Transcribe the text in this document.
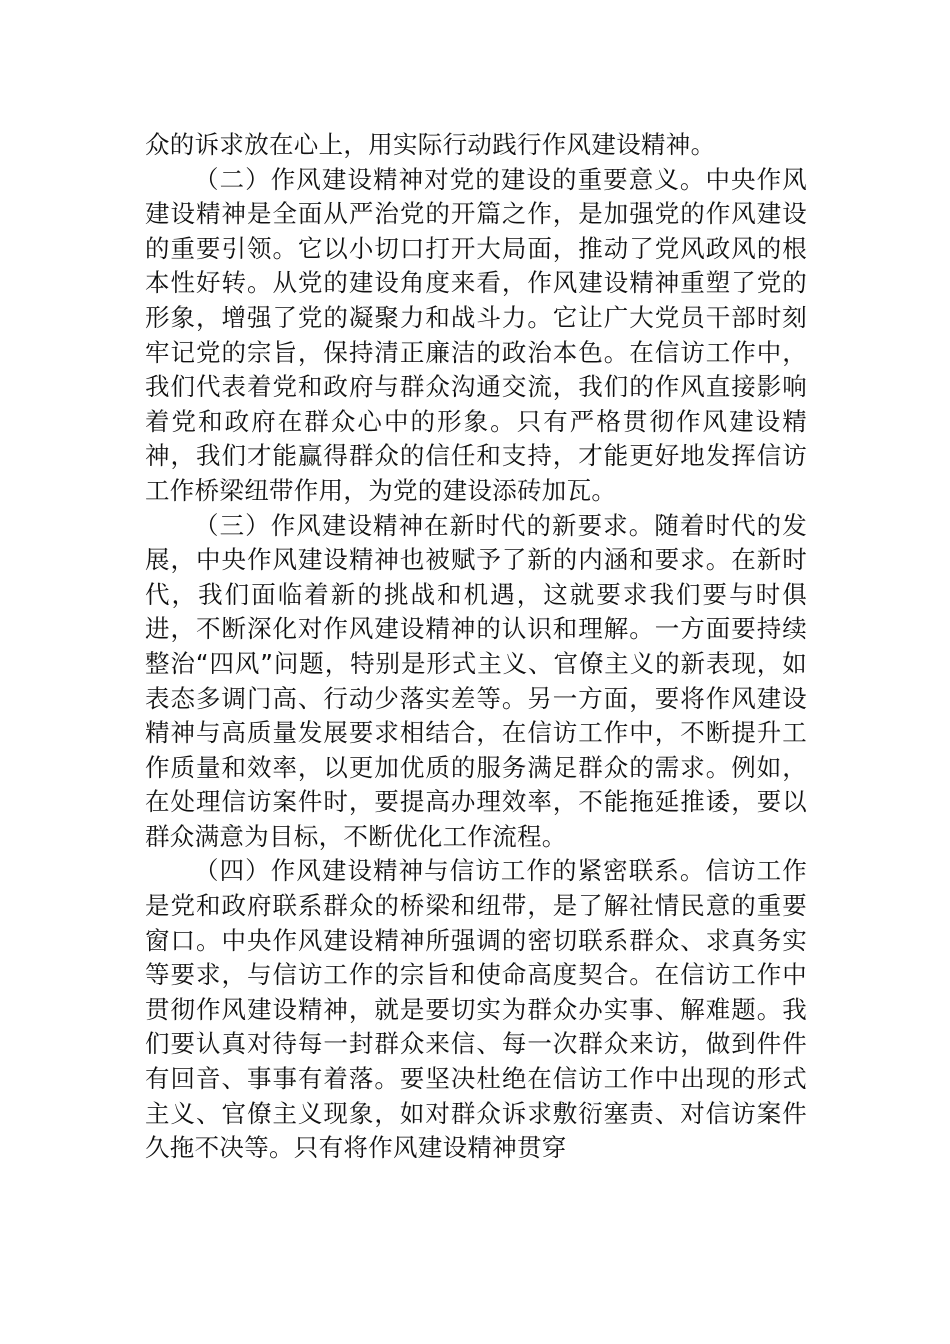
众的诉求放在心上，用实际行动践行作风建设精神。

（二）作风建设精神对党的建设的重要意义。中央作风建设精神是全面从严治党的开篇之作，是加强党的作风建设的重要引领。它以小切口打开大局面，推动了党风政风的根本性好转。从党的建设角度来看，作风建设精神重塑了党的形象，增强了党的凝聚力和战斗力。它让广大党员干部时刻牢记党的宗旨，保持清正廉洁的政治本色。在信访工作中，我们代表着党和政府与群众沟通交流，我们的作风直接影响着党和政府在群众心中的形象。只有严格贯彻作风建设精神，我们才能赢得群众的信任和支持，才能更好地发挥信访工作桥梁纽带作用，为党的建设添砖加瓦。

（三）作风建设精神在新时代的新要求。随着时代的发展，中央作风建设精神也被赋予了新的内涵和要求。在新时代，我们面临着新的挑战和机遇，这就要求我们要与时俱进，不断深化对作风建设精神的认识和理解。一方面要持续整治“四风”问题，特别是形式主义、官僚主义的新表现，如表态多调门高、行动少落实差等。另一方面，要将作风建设精神与高质量发展要求相结合，在信访工作中，不断提升工作质量和效率，以更加优质的服务满足群众的需求。例如，在处理信访案件时，要提高办理效率，不能拖延推诿，要以群众满意为目标，不断优化工作流程。

（四）作风建设精神与信访工作的紧密联系。信访工作是党和政府联系群众的桥梁和纽带，是了解社情民意的重要窗口。中央作风建设精神所强调的密切联系群众、求真务实等要求，与信访工作的宗旨和使命高度契合。在信访工作中贯彻作风建设精神，就是要切实为群众办实事、解难题。我们要认真对待每一封群众来信、每一次群众来访，做到件件有回音、事事有着落。要坚决杜绝在信访工作中出现的形式主义、官僚主义现象，如对群众诉求敷衍塞责、对信访案件久拖不决等。只有将作风建设精神贯穿
